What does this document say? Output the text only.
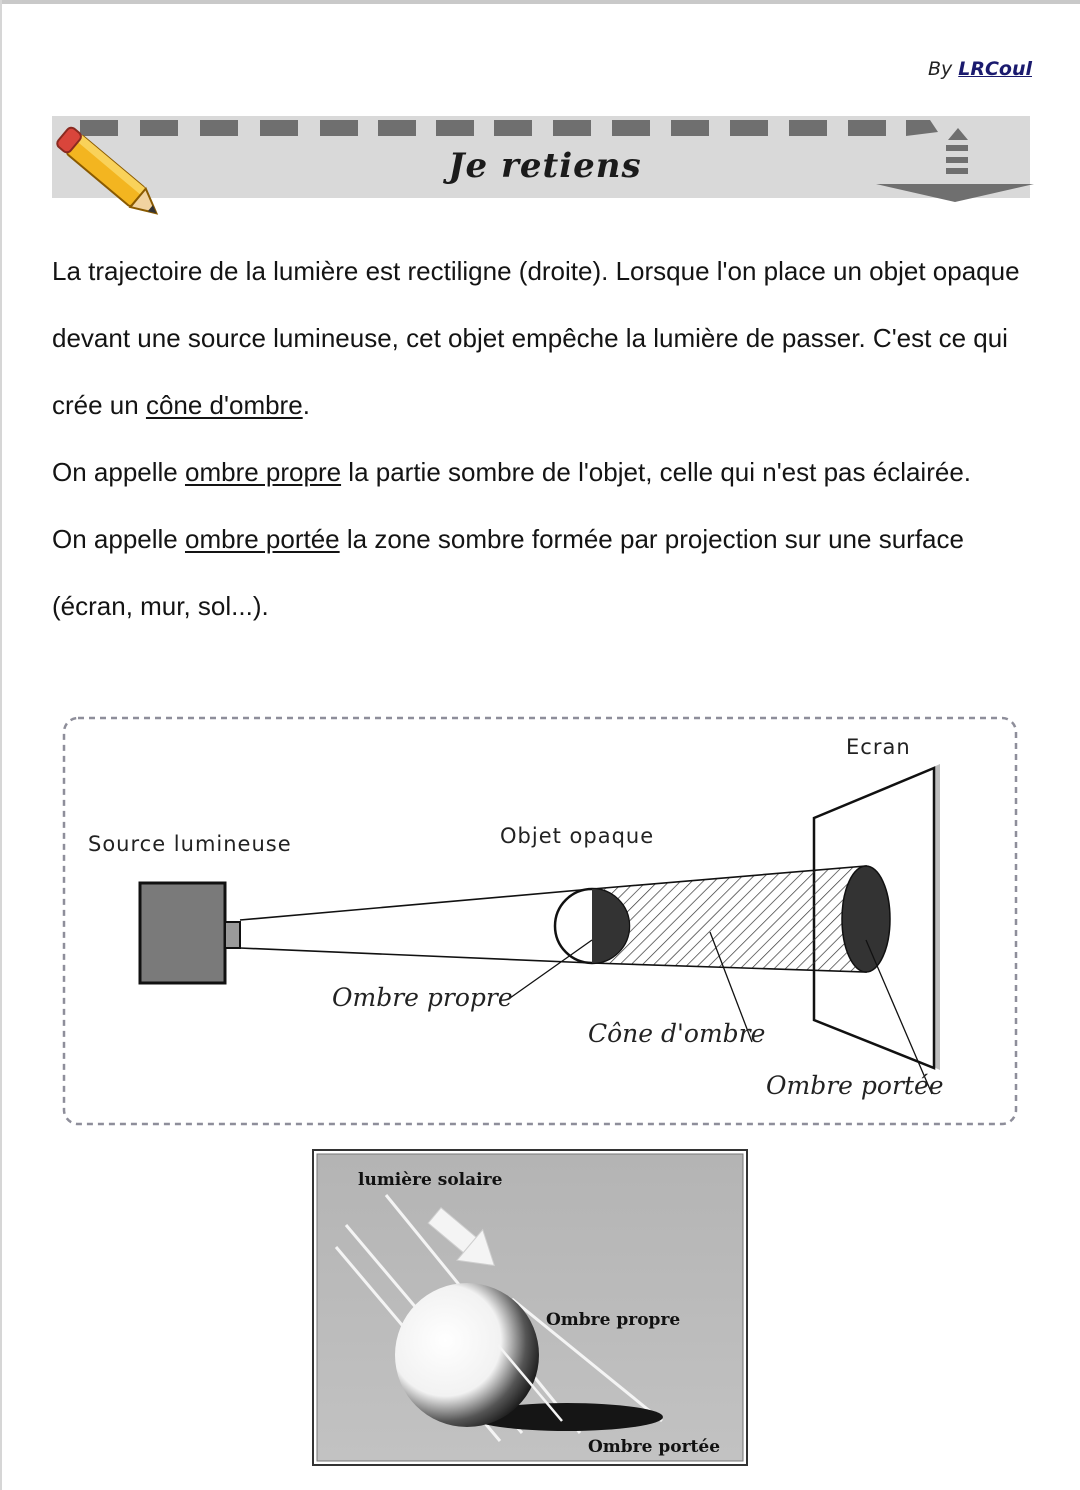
By LRCoul
Je retiens

La trajectoire de la lumière est rectiligne (droite). Lorsque l'on place un objet opaque devant une source lumineuse, cet objet empêche la lumière de passer. C'est ce qui crée un cône d'ombre.

On appelle ombre propre la partie sombre de l'objet, celle qui n'est pas éclairée.

On appelle ombre portée la zone sombre formée par projection sur une surface (écran, mur, sol...).

Ecran
Source lumineuse	Objet opaque
Ombre propre
Cône d'ombre
Ombre portée
lumière solaire
Ombre propre
Ombre portée
